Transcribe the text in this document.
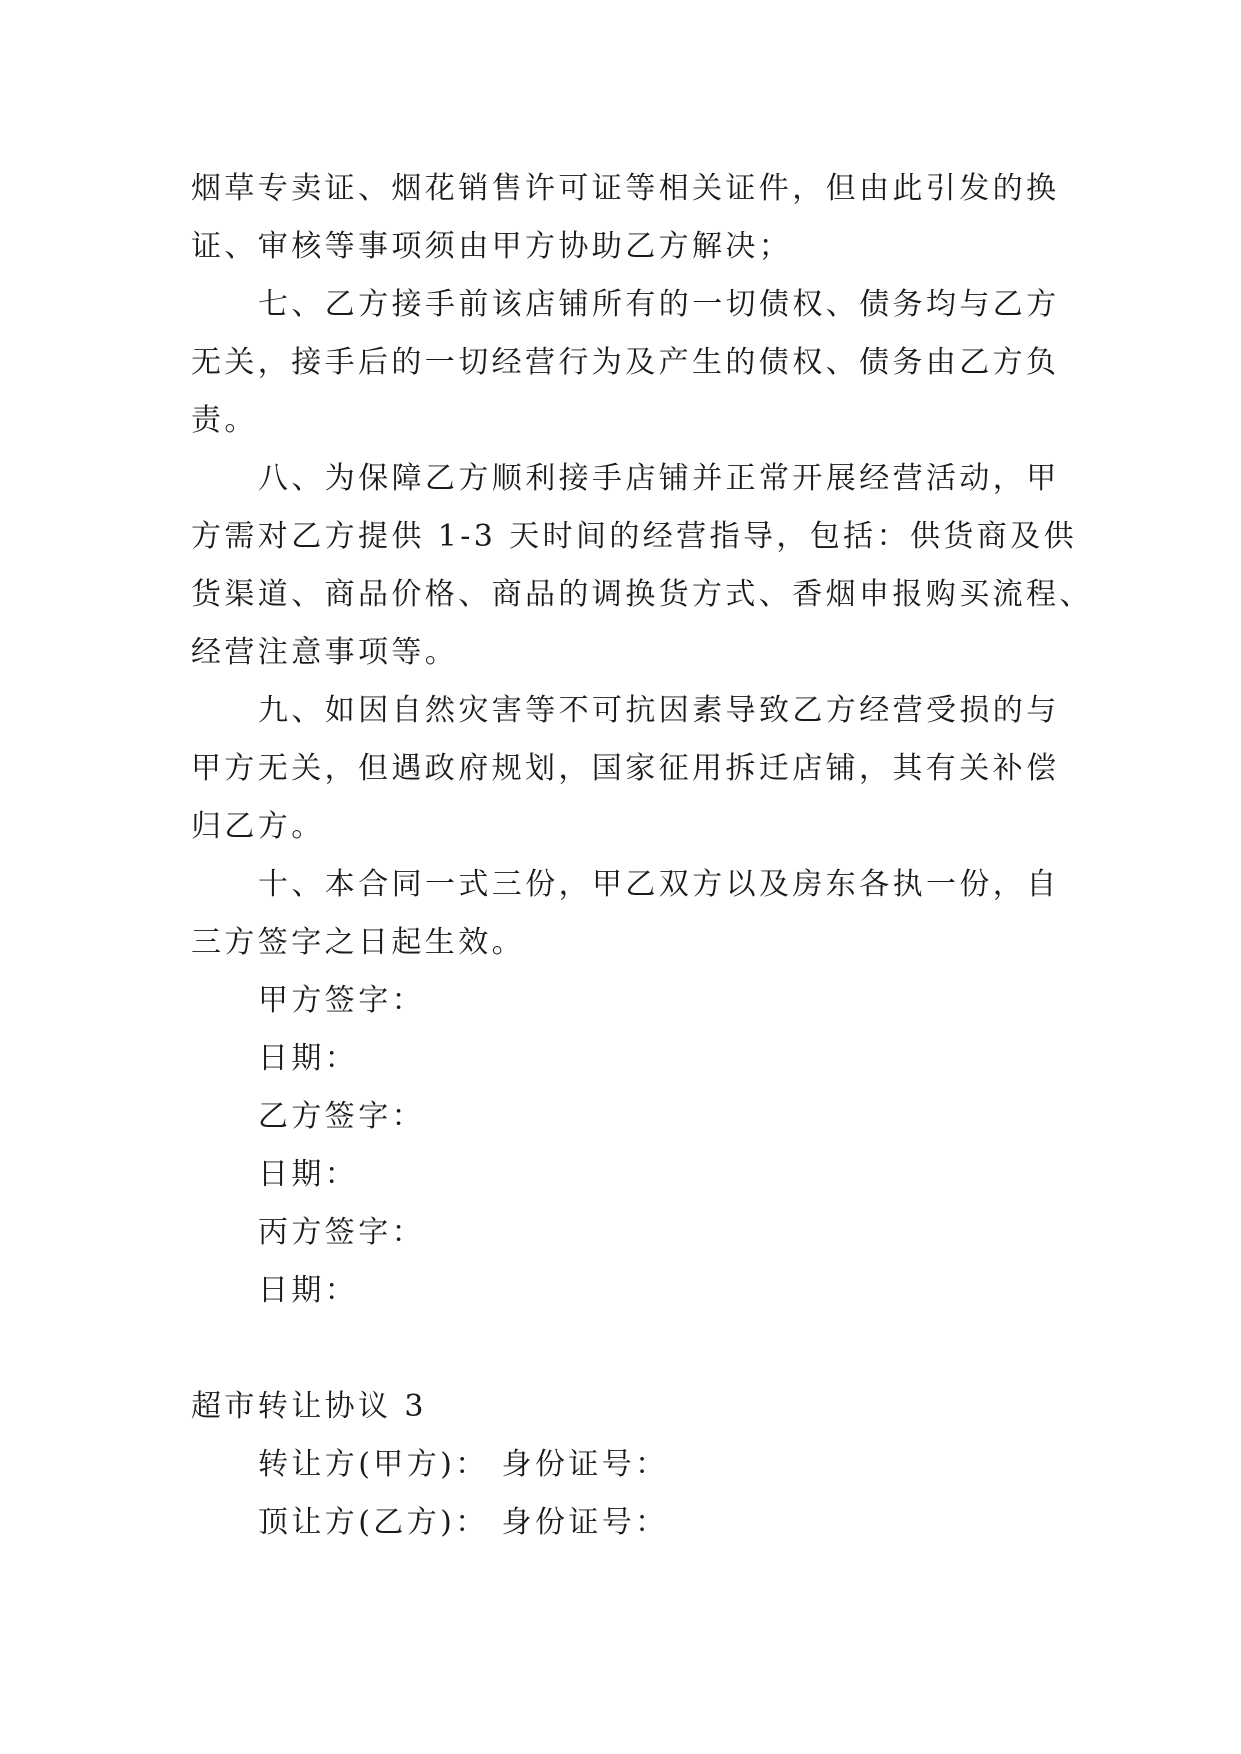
烟草专卖证、烟花销售许可证等相关证件，但由此引发的换

证、审核等事项须由甲方协助乙方解决；

七、乙方接手前该店铺所有的一切债权、债务均与乙方

无关，接手后的一切经营行为及产生的债权、债务由乙方负

责。

八、为保障乙方顺利接手店铺并正常开展经营活动，甲

方需对乙方提供 1-3 天时间的经营指导，包括：供货商及供

货渠道、商品价格、商品的调换货方式、香烟申报购买流程、

经营注意事项等。

九、如因自然灾害等不可抗因素导致乙方经营受损的与

甲方无关，但遇政府规划，国家征用拆迁店铺，其有关补偿

归乙方。

十、本合同一式三份，甲乙双方以及房东各执一份，自

三方签字之日起生效。

甲方签字：

日期：

乙方签字：

日期：

丙方签字：

日期：

超市转让协议 3

转让方(甲方)： 身份证号：

顶让方(乙方)： 身份证号：
